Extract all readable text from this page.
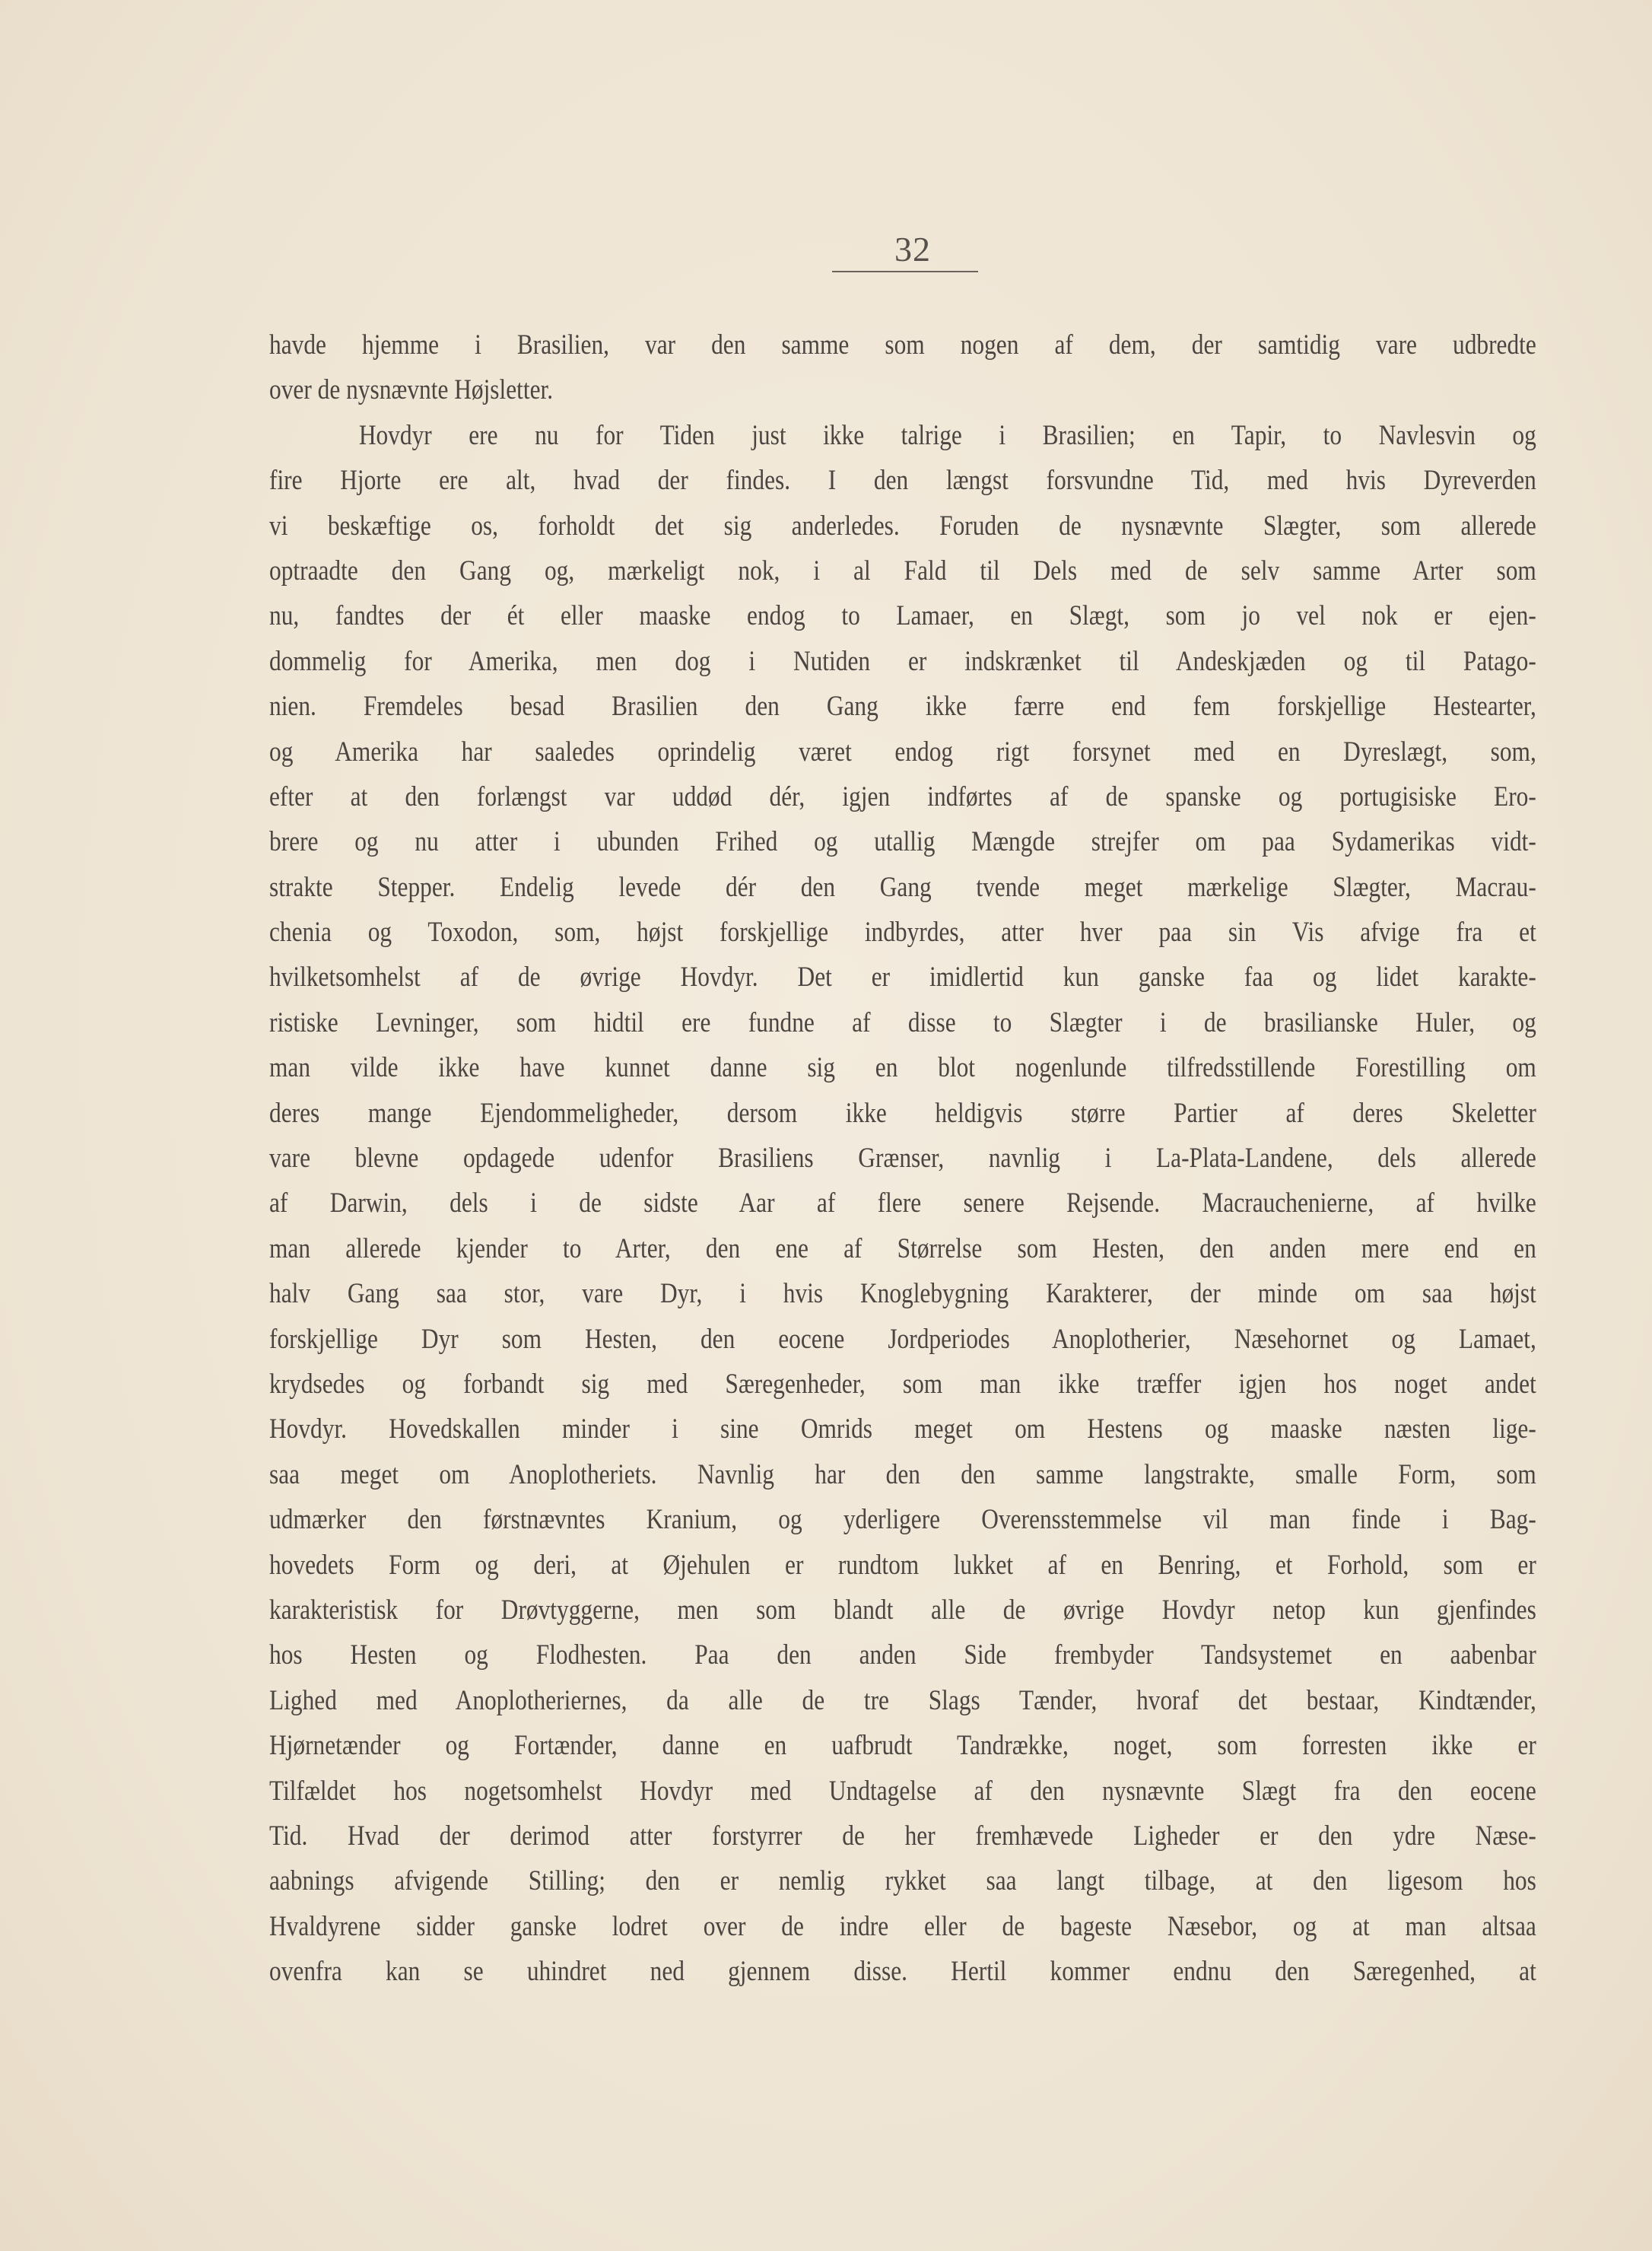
32
havde hjemme i Brasilien, var den samme som nogen af dem, der samtidig vare udbredte
over de nysnævnte Højsletter.
Hovdyr ere nu for Tiden just ikke talrige i Brasilien; en Tapir, to Navlesvin og
fire Hjorte ere alt, hvad der findes. I den længst forsvundne Tid, med hvis Dyreverden
vi beskæftige os, forholdt det sig anderledes. Foruden de nysnævnte Slægter, som allerede
optraadte den Gang og, mærkeligt nok, i al Fald til Dels med de selv samme Arter som
nu, fandtes der ét eller maaske endog to Lamaer, en Slægt, som jo vel nok er ejen-
dommelig for Amerika, men dog i Nutiden er indskrænket til Andeskjæden og til Patago-
nien. Fremdeles besad Brasilien den Gang ikke færre end fem forskjellige Hestearter,
og Amerika har saaledes oprindelig været endog rigt forsynet med en Dyreslægt, som,
efter at den forlængst var uddød dér, igjen indførtes af de spanske og portugisiske Ero-
brere og nu atter i ubunden Frihed og utallig Mængde strejfer om paa Sydamerikas vidt-
strakte Stepper. Endelig levede dér den Gang tvende meget mærkelige Slægter, Macrau-
chenia og Toxodon, som, højst forskjellige indbyrdes, atter hver paa sin Vis afvige fra et
hvilketsomhelst af de øvrige Hovdyr. Det er imidlertid kun ganske faa og lidet karakte-
ristiske Levninger, som hidtil ere fundne af disse to Slægter i de brasilianske Huler, og
man vilde ikke have kunnet danne sig en blot nogenlunde tilfredsstillende Forestilling om
deres mange Ejendommeligheder, dersom ikke heldigvis større Partier af deres Skeletter
vare blevne opdagede udenfor Brasiliens Grænser, navnlig i La-Plata-Landene, dels allerede
af Darwin, dels i de sidste Aar af flere senere Rejsende. Macrauchenierne, af hvilke
man allerede kjender to Arter, den ene af Størrelse som Hesten, den anden mere end en
halv Gang saa stor, vare Dyr, i hvis Knoglebygning Karakterer, der minde om saa højst
forskjellige Dyr som Hesten, den eocene Jordperiodes Anoplotherier, Næsehornet og Lamaet,
krydsedes og forbandt sig med Særegenheder, som man ikke træffer igjen hos noget andet
Hovdyr. Hovedskallen minder i sine Omrids meget om Hestens og maaske næsten lige-
saa meget om Anoplotheriets. Navnlig har den den samme langstrakte, smalle Form, som
udmærker den førstnævntes Kranium, og yderligere Overensstemmelse vil man finde i Bag-
hovedets Form og deri, at Øjehulen er rundtom lukket af en Benring, et Forhold, som er
karakteristisk for Drøvtyggerne, men som blandt alle de øvrige Hovdyr netop kun gjenfindes
hos Hesten og Flodhesten. Paa den anden Side frembyder Tandsystemet en aabenbar
Lighed med Anoplotheriernes, da alle de tre Slags Tænder, hvoraf det bestaar, Kindtænder,
Hjørnetænder og Fortænder, danne en uafbrudt Tandrække, noget, som forresten ikke er
Tilfældet hos nogetsomhelst Hovdyr med Undtagelse af den nysnævnte Slægt fra den eocene
Tid. Hvad der derimod atter forstyrrer de her fremhævede Ligheder er den ydre Næse-
aabnings afvigende Stilling; den er nemlig rykket saa langt tilbage, at den ligesom hos
Hvaldyrene sidder ganske lodret over de indre eller de bageste Næsebor, og at man altsaa
ovenfra kan se uhindret ned gjennem disse. Hertil kommer endnu den Særegenhed, at
